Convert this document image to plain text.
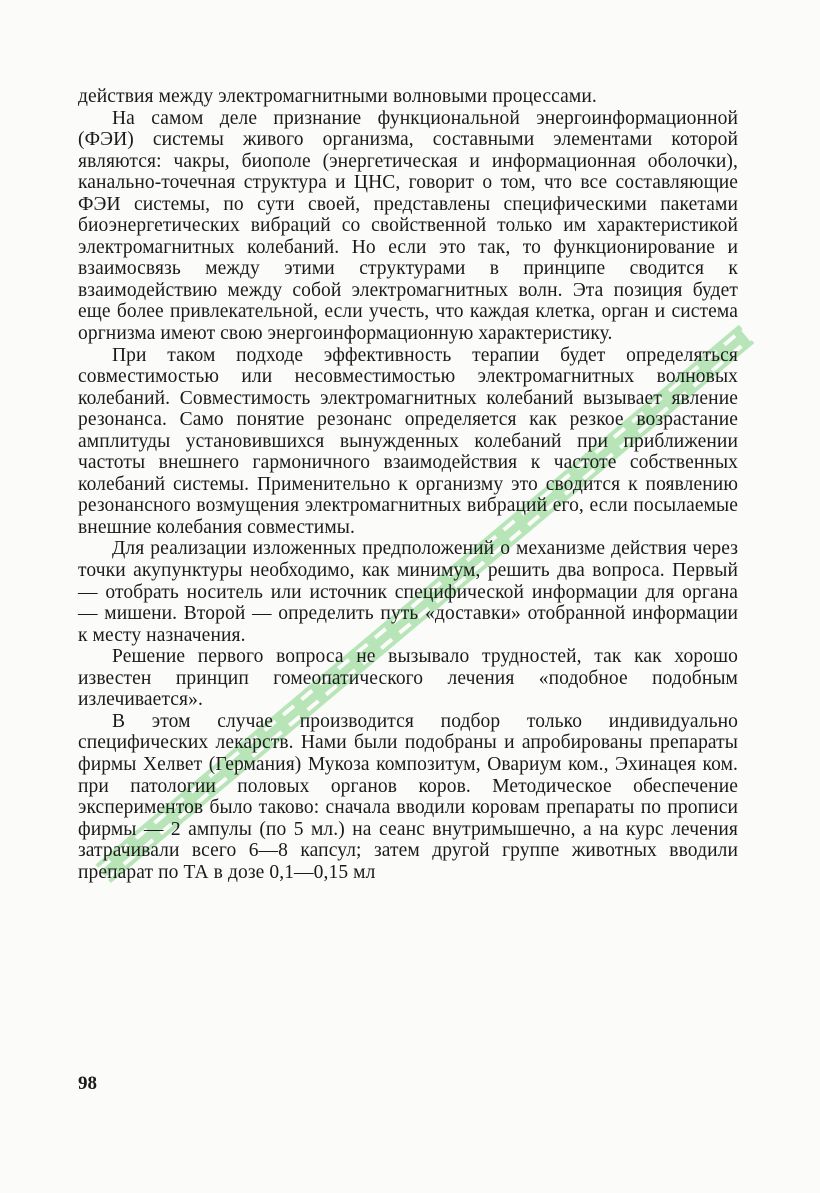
действия между электромагнитными волновыми процессами.

На самом деле признание функциональной энергоинформационной (ФЭИ) системы живого организма, составными элементами которой являются: чакры, биополе (энергетическая и информационная оболочки), канально-точечная структура и ЦНС, говорит о том, что все составляющие ФЭИ системы, по сути своей, представлены специфическими пакетами биоэнергетических вибраций со свойственной только им характеристикой электромагнитных колебаний. Но если это так, то функционирование и взаимосвязь между этими структурами в принципе сводится к взаимодействию между собой электромагнитных волн. Эта позиция будет еще более привлекательной, если учесть, что каждая клетка, орган и система оргнизма имеют свою энергоинформационную характеристику.

При таком подходе эффективность терапии будет определяться совместимостью или несовместимостью электромагнитных волновых колебаний. Совместимость электромагнитных колебаний вызывает явление резонанса. Само понятие резонанс определяется как резкое возрастание амплитуды установившихся вынужденных колебаний при приближении частоты внешнего гармоничного взаимодействия к частоте собственных колебаний системы. Применительно к организму это сводится к появлению резонансного возмущения электромагнитных вибраций его, если посылаемые внешние колебания совместимы.

Для реализации изложенных предположений о механизме действия через точки акупунктуры необходимо, как минимум, решить два вопроса. Первый — отобрать носитель или источник специфической информации для органа — мишени. Второй — определить путь «доставки» отобранной информации к месту назначения.

Решение первого вопроса не вызывало трудностей, так как хорошо известен принцип гомеопатического лечения «подобное подобным излечивается».

В этом случае производится подбор только индивидуально специфических лекарств. Нами были подобраны и апробированы препараты фирмы Хелвет (Германия) Мукоза композитум, Овариум ком., Эхинацея ком. при патологии половых органов коров. Методическое обеспечение экспериментов было таково: сначала вводили коровам препараты по прописи фирмы — 2 ампулы (по 5 мл.) на сеанс внутримышечно, а на курс лечения затрачивали всего 6—8 капсул; затем другой группе животных вводили препарат по ТА в дозе 0,1—0,15 мл

98
